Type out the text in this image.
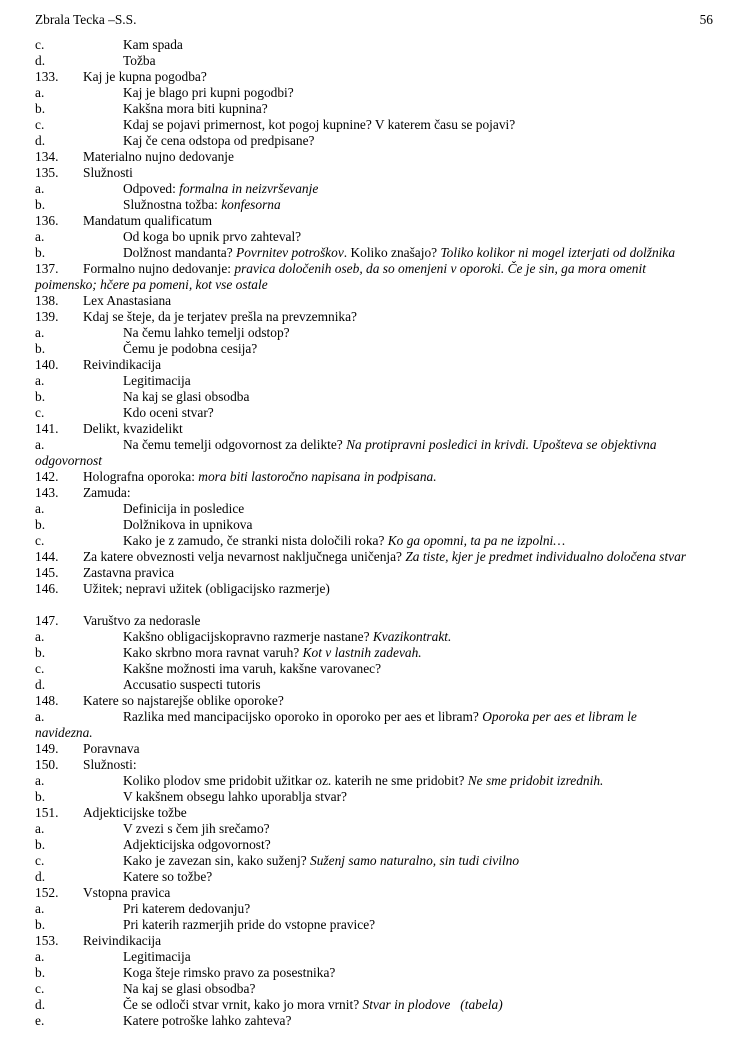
Zbrala Tecka –S.S.	56
c.	Kam spada
d.	Tožba
133. Kaj je kupna pogodba?
a.	Kaj je blago pri kupni pogodbi?
b.	Kakšna mora biti kupnina?
c.	Kdaj se pojavi primernost, kot pogoj kupnine? V katerem času se pojavi?
d.	Kaj če cena odstopa od predpisane?
134. Materialno nujno dedovanje
135. Služnosti
a.	Odpoved: formalna in neizvrševanje
b.	Služnostna tožba: konfesorna
136. Mandatum qualificatum
a.	Od koga bo upnik prvo zahteval?
b.	Dolžnost mandanta? Povrnitev potroškov. Koliko znašajo? Toliko kolikor ni mogel izterjati od dolžnika
137. Formalno nujno dedovanje: pravica določenih oseb, da so omenjeni v oporoki. Če je sin, ga mora omenit
poimensko; hčere pa pomeni, kot vse ostale
138. Lex Anastasiana
139. Kdaj se šteje, da je terjatev prešla na prevzemnika?
a.	Na čemu lahko temelji odstop?
b.	Čemu je podobna cesija?
140. Reivindikacija
a.	Legitimacija
b.	Na kaj se glasi obsodba
c.	Kdo oceni stvar?
141. Delikt, kvazidelikt
a.	Na čemu temelji odgovornost za delikte? Na protipravni posledici in krivdi. Upošteva se objektivna
odgovornost
142. Holografna oporoka: mora biti lastoročno napisana in podpisana.
143. Zamuda:
a.	Definicija in posledice
b.	Dolžnikova in upnikova
c.	Kako je z zamudo, če stranki nista določili roka? Ko ga opomni, ta pa ne izpolni…
144. Za katere obveznosti velja nevarnost naključnega uničenja? Za tiste, kjer je predmet individualno določena stvar
145. Zastavna pravica
146. Užitek; nepravi užitek (obligacijsko razmerje)
147. Varuštvo za nedorasle
a.	Kakšno obligacijskopravno razmerje nastane? Kvazikontrakt.
b.	Kako skrbno mora ravnat varuh? Kot v lastnih zadevah.
c.	Kakšne možnosti ima varuh, kakšne varovanec?
d.	Accusatio suspecti tutoris
148. Katere so najstarejše oblike oporoke?
a.	Razlika med mancipacijsko oporoko in oporoko per aes et libram? Oporoka per aes et libram le
navidezna.
149. Poravnava
150. Služnosti:
a.	Koliko plodov sme pridobit užitkar oz. katerih ne sme pridobit? Ne sme pridobit izrednih.
b.	V kakšnem obsegu lahko uporablja stvar?
151. Adjekticijske tožbe
a.	V zvezi s čem jih srečamo?
b.	Adjekticijska odgovornost?
c.	Kako je zavezan sin, kako suženj? Suženj samo naturalno, sin tudi civilno
d.	Katere so tožbe?
152. Vstopna pravica
a.	Pri katerem dedovanju?
b.	Pri katerih razmerjih pride do vstopne pravice?
153. Reivindikacija
a.	Legitimacija
b.	Koga šteje rimsko pravo za posestnika?
c.	Na kaj se glasi obsodba?
d.	Če se odloči stvar vrnit, kako jo mora vrnit? Stvar in plodove   (tabela)
e.	Katere potroške lahko zahteva?
